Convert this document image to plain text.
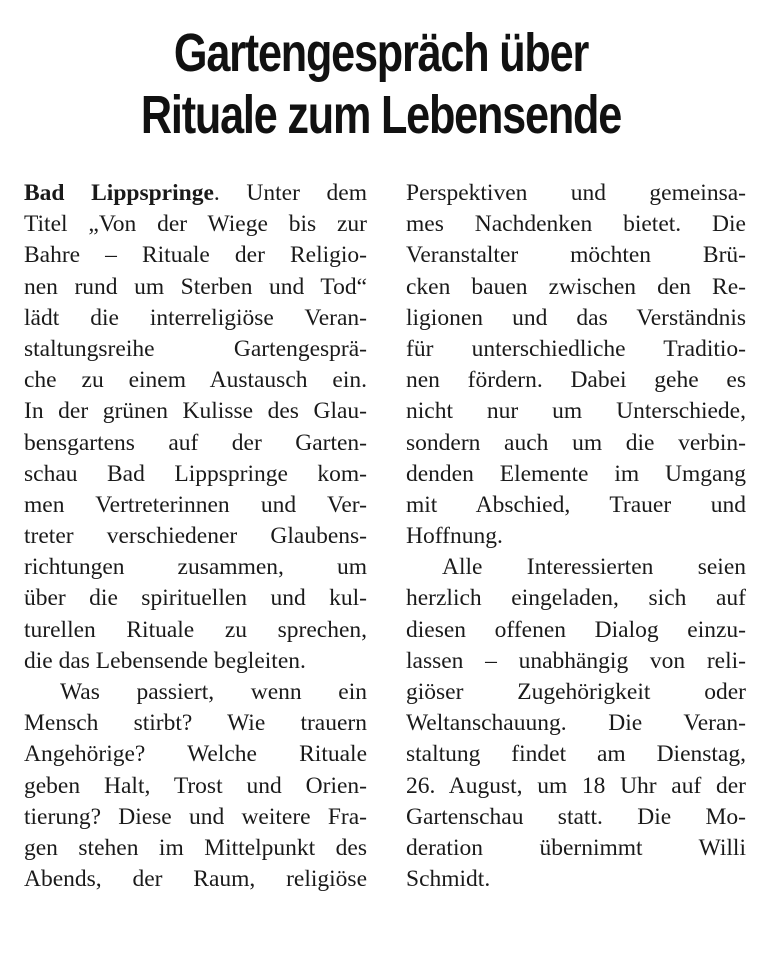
Gartengespräch über
Rituale zum Lebensende
Bad Lippspringe. Unter dem
Titel „Von der Wiege bis zur
Bahre – Rituale der Religio-
nen rund um Sterben und Tod“
lädt die interreligiöse Veran-
staltungsreihe Gartengesprä-
che zu einem Austausch ein.
In der grünen Kulisse des Glau-
bensgartens auf der Garten-
schau Bad Lippspringe kom-
men Vertreterinnen und Ver-
treter verschiedener Glaubens-
richtungen zusammen, um
über die spirituellen und kul-
turellen Rituale zu sprechen,
die das Lebensende begleiten.
Was passiert, wenn ein
Mensch stirbt? Wie trauern
Angehörige? Welche Rituale
geben Halt, Trost und Orien-
tierung? Diese und weitere Fra-
gen stehen im Mittelpunkt des
Abends, der Raum, religiöse
Perspektiven und gemeinsa-
mes Nachdenken bietet. Die
Veranstalter möchten Brü-
cken bauen zwischen den Re-
ligionen und das Verständnis
für unterschiedliche Traditio-
nen fördern. Dabei gehe es
nicht nur um Unterschiede,
sondern auch um die verbin-
denden Elemente im Umgang
mit Abschied, Trauer und
Hoffnung.
Alle Interessierten seien
herzlich eingeladen, sich auf
diesen offenen Dialog einzu-
lassen – unabhängig von reli-
giöser Zugehörigkeit oder
Weltanschauung. Die Veran-
staltung findet am Dienstag,
26. August, um 18 Uhr auf der
Gartenschau statt. Die Mo-
deration übernimmt Willi
Schmidt.
